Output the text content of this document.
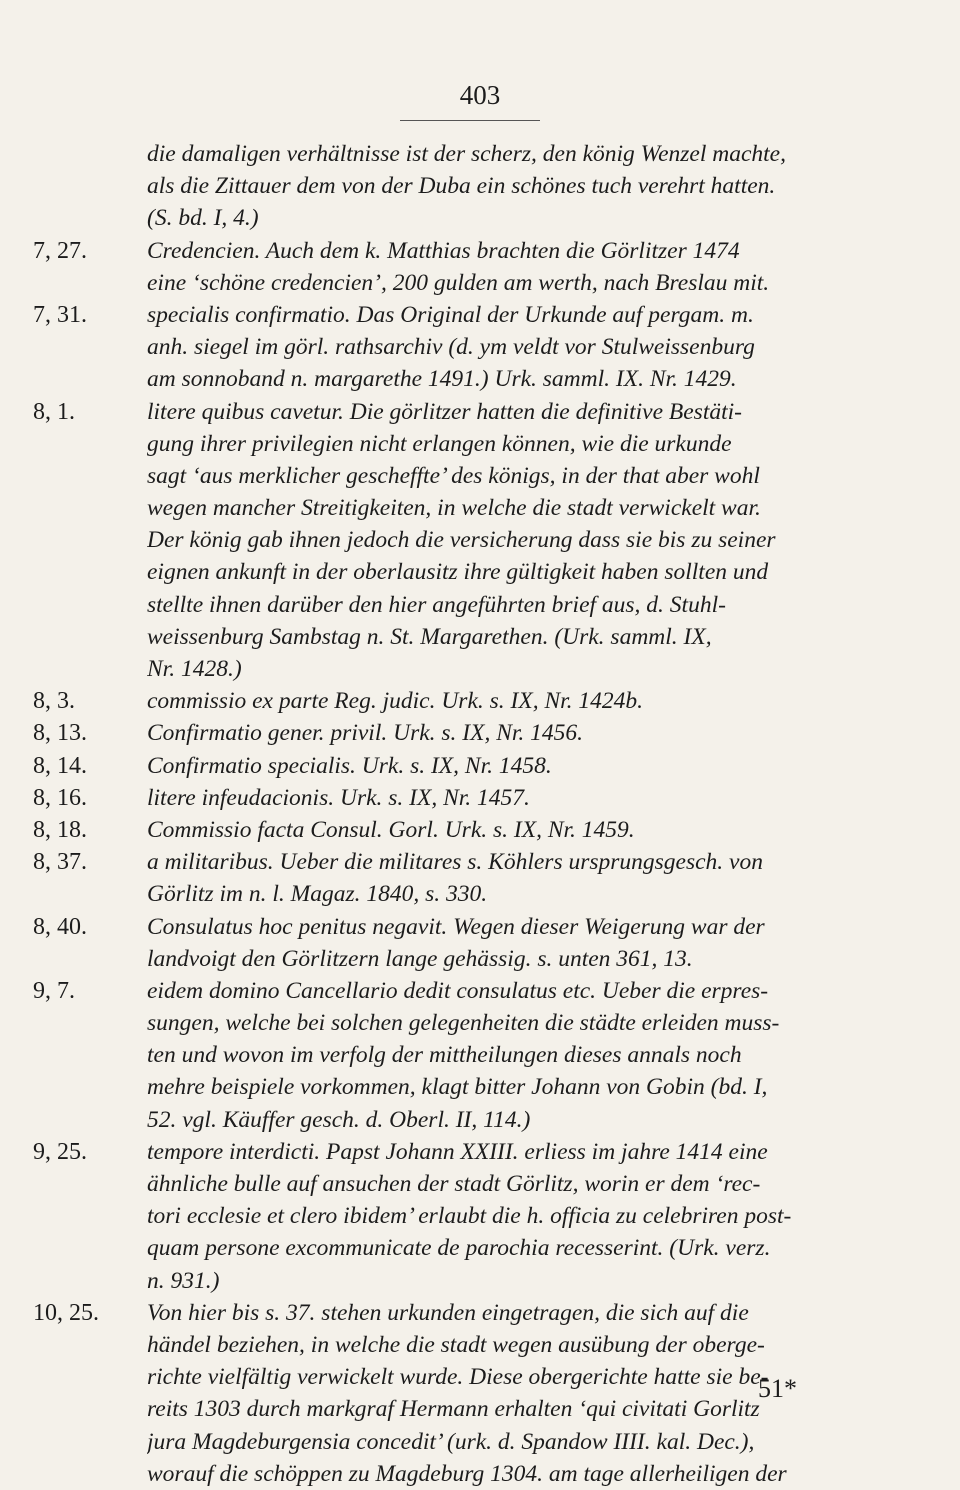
403
die damaligen verhältnisse ist der scherz, den könig Wenzel machte,
als die Zittauer dem von der Duba ein schönes tuch verehrt hatten.
(S. bd. I, 4.)
7, 27.	Credencien. Auch dem k. Matthias brachten die Görlitzer 1474
eine ‘schöne credencien’, 200 gulden am werth, nach Breslau mit.
7, 31.	specialis confirmatio. Das Original der Urkunde auf pergam. m.
anh. siegel im görl. rathsarchiv (d. ym veldt vor Stulweissenburg
am sonnoband n. margarethe 1491.) Urk. samml. IX. Nr. 1429.
8, 1.	litere quibus cavetur. Die görlitzer hatten die definitive Bestäti-
gung ihrer privilegien nicht erlangen können, wie die urkunde
sagt ‘aus merklicher gescheffte’ des königs, in der that aber wohl
wegen mancher Streitigkeiten, in welche die stadt verwickelt war.
Der könig gab ihnen jedoch die versicherung dass sie bis zu seiner
eignen ankunft in der oberlausitz ihre gültigkeit haben sollten und
stellte ihnen darüber den hier angeführten brief aus, d. Stuhl-
weissenburg Sambstag n. St. Margarethen. (Urk. samml. IX,
Nr. 1428.)
8, 3.	commissio ex parte Reg. judic. Urk. s. IX, Nr. 1424b.
8, 13.	Confirmatio gener. privil. Urk. s. IX, Nr. 1456.
8, 14.	Confirmatio specialis. Urk. s. IX, Nr. 1458.
8, 16.	litere infeudacionis. Urk. s. IX, Nr. 1457.
8, 18.	Commissio facta Consul. Gorl. Urk. s. IX, Nr. 1459.
8, 37.	a militaribus. Ueber die militares s. Köhlers ursprungsgesch. von
Görlitz im n. l. Magaz. 1840, s. 330.
8, 40.	Consulatus hoc penitus negavit. Wegen dieser Weigerung war der
landvoigt den Görlitzern lange gehässig. s. unten 361, 13.
9, 7.	eidem domino Cancellario dedit consulatus etc. Ueber die erpres-
sungen, welche bei solchen gelegenheiten die städte erleiden muss-
ten und wovon im verfolg der mittheilungen dieses annals noch
mehre beispiele vorkommen, klagt bitter Johann von Gobin (bd. I,
52. vgl. Käuffer gesch. d. Oberl. II, 114.)
9, 25.	tempore interdicti. Papst Johann XXIII. erliess im jahre 1414 eine
ähnliche bulle auf ansuchen der stadt Görlitz, worin er dem ‘rec-
tori ecclesie et clero ibidem’ erlaubt die h. officia zu celebriren post-
quam persone excommunicate de parochia recesserint. (Urk. verz.
n. 931.)
10, 25.	Von hier bis s. 37. stehen urkunden eingetragen, die sich auf die
händel beziehen, in welche die stadt wegen ausübung der oberge-
richte vielfältig verwickelt wurde. Diese obergerichte hatte sie be-
reits 1303 durch markgraf Hermann erhalten ‘qui civitati Gorlitz
jura Magdeburgensia concedit’ (urk. d. Spandow IIII. kal. Dec.),
worauf die schöppen zu Magdeburg 1304. am tage allerheiligen der
51*
